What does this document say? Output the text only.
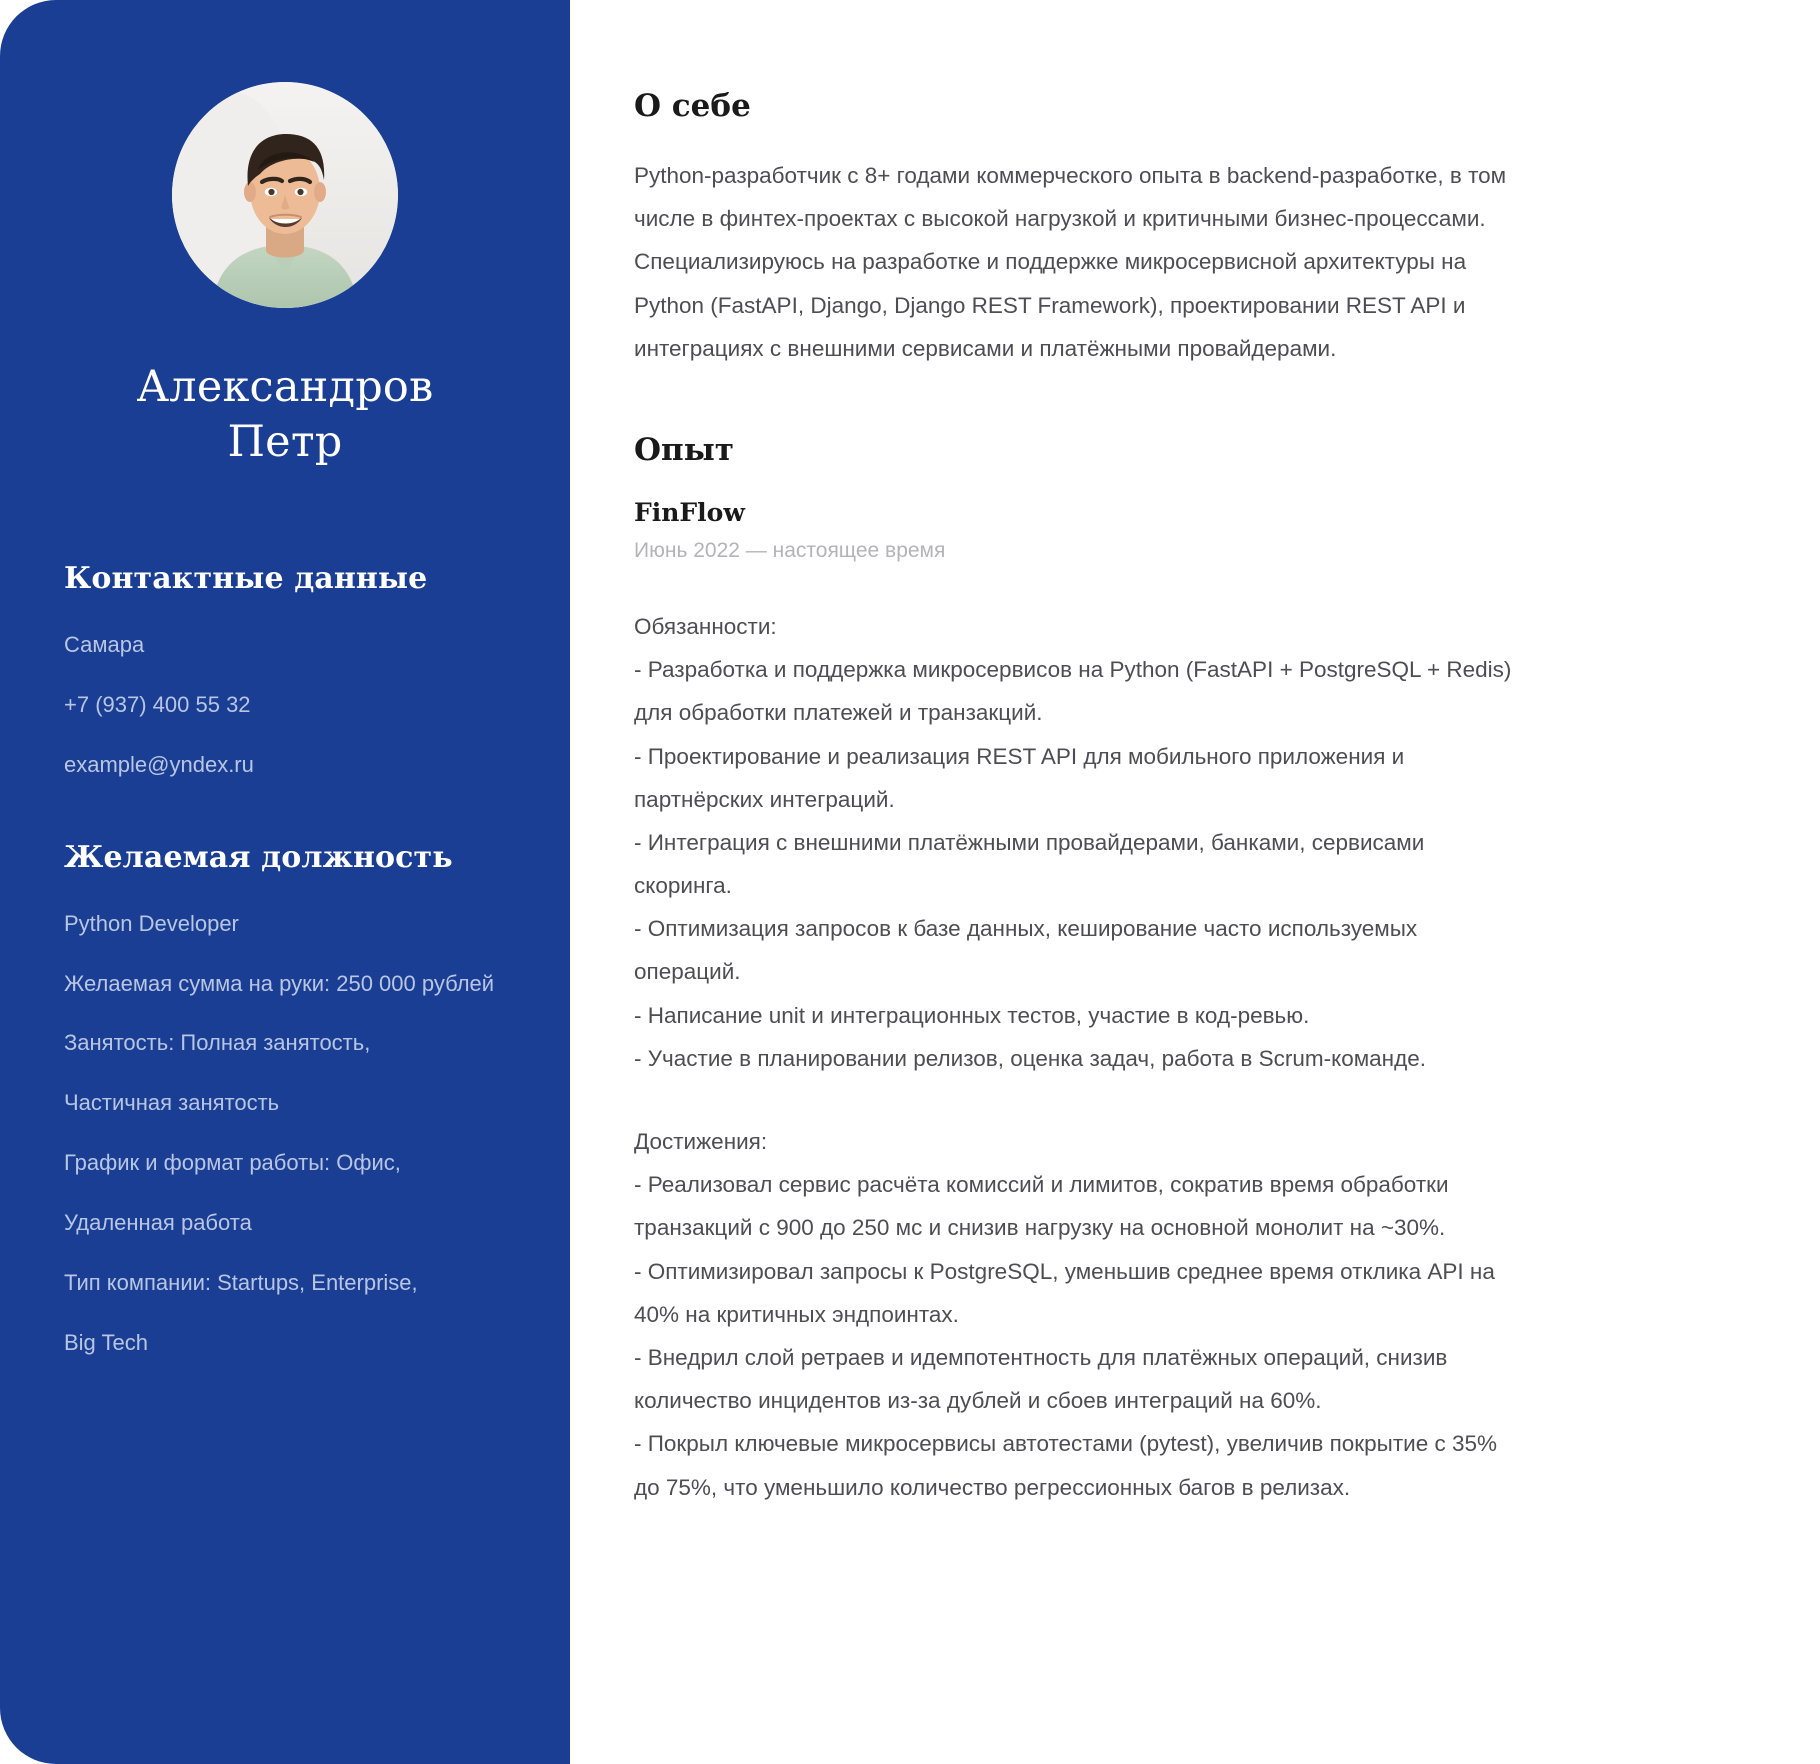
Александров
Петр
Контактные данные

Самара

+7 (937) 400 55 32

example@yndex.ru

Желаемая должность

Python Developer

Желаемая сумма на руки: 250 000 рублей

Занятость: Полная занятость,

Частичная занятость

График и формат работы: Офис,

Удаленная работа

Тип компании: Startups, Enterprise,

Big Tech

О себе

Python-разработчик с 8+ годами коммерческого опыта в backend-разработке, в том числе в финтех-проектах с высокой нагрузкой и критичными бизнес-процессами. Специализируюсь на разработке и поддержке микросервисной архитектуры на Python (FastAPI, Django, Django REST Framework), проектировании REST API и интеграциях с внешними сервисами и платёжными провайдерами.

Опыт
FinFlow

Июнь 2022 — настоящее время

Обязанности:

- Разработка и поддержка микросервисов на Python (FastAPI + PostgreSQL + Redis) для обработки платежей и транзакций.

- Проектирование и реализация REST API для мобильного приложения и партнёрских интеграций.

- Интеграция с внешними платёжными провайдерами, банками, сервисами скоринга.

- Оптимизация запросов к базе данных, кеширование часто используемых операций.

- Написание unit и интеграционных тестов, участие в код-ревью.

- Участие в планировании релизов, оценка задач, работа в Scrum-команде.

Достижения:

- Реализовал сервис расчёта комиссий и лимитов, сократив время обработки транзакций с 900 до 250 мс и снизив нагрузку на основной монолит на ~30%.

- Оптимизировал запросы к PostgreSQL, уменьшив среднее время отклика API на 40% на критичных эндпоинтах.

- Внедрил слой ретраев и идемпотентность для платёжных операций, снизив количество инцидентов из-за дублей и сбоев интеграций на 60%.

- Покрыл ключевые микросервисы автотестами (pytest), увеличив покрытие с 35% до 75%, что уменьшило количество регрессионных багов в релизах.
